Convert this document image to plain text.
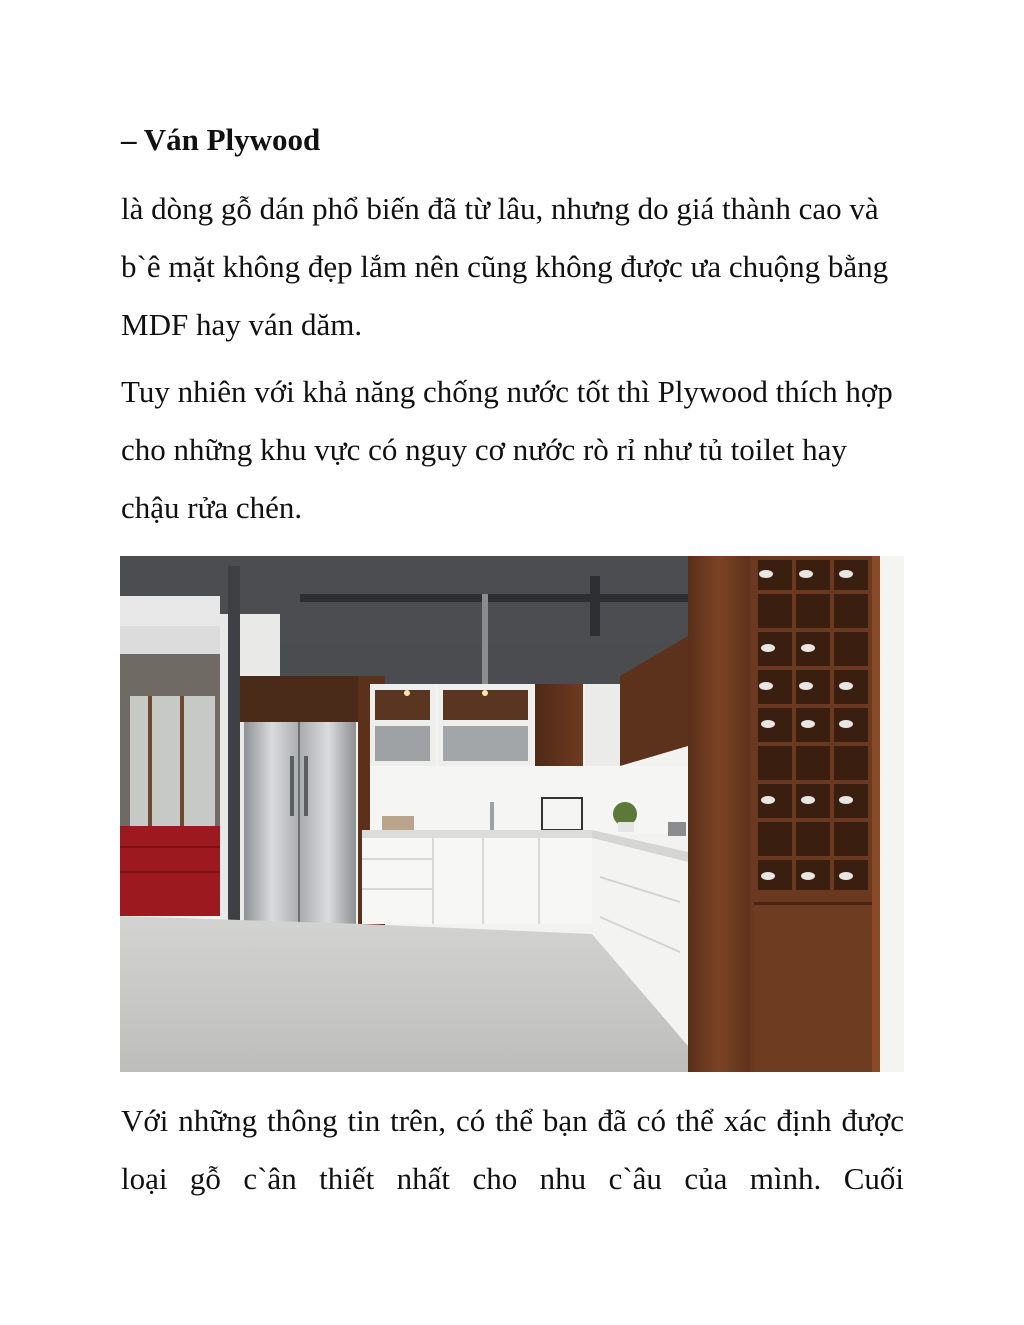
– Ván Plywood

là dòng gỗ dán phổ biến đã từ lâu, nhưng do giá thành cao và b`ê mặt không đẹp lắm nên cũng không được ưa chuộng bằng MDF hay ván dăm.

Tuy nhiên với khả năng chống nước tốt thì Plywood thích hợp cho những khu vực có nguy cơ nước rò rỉ như tủ toilet hay chậu rửa chén.

Với những thông tin trên, có thể bạn đã có thể xác định được loại gỗ c`ân thiết nhất cho nhu c`âu của mình. Cuối
